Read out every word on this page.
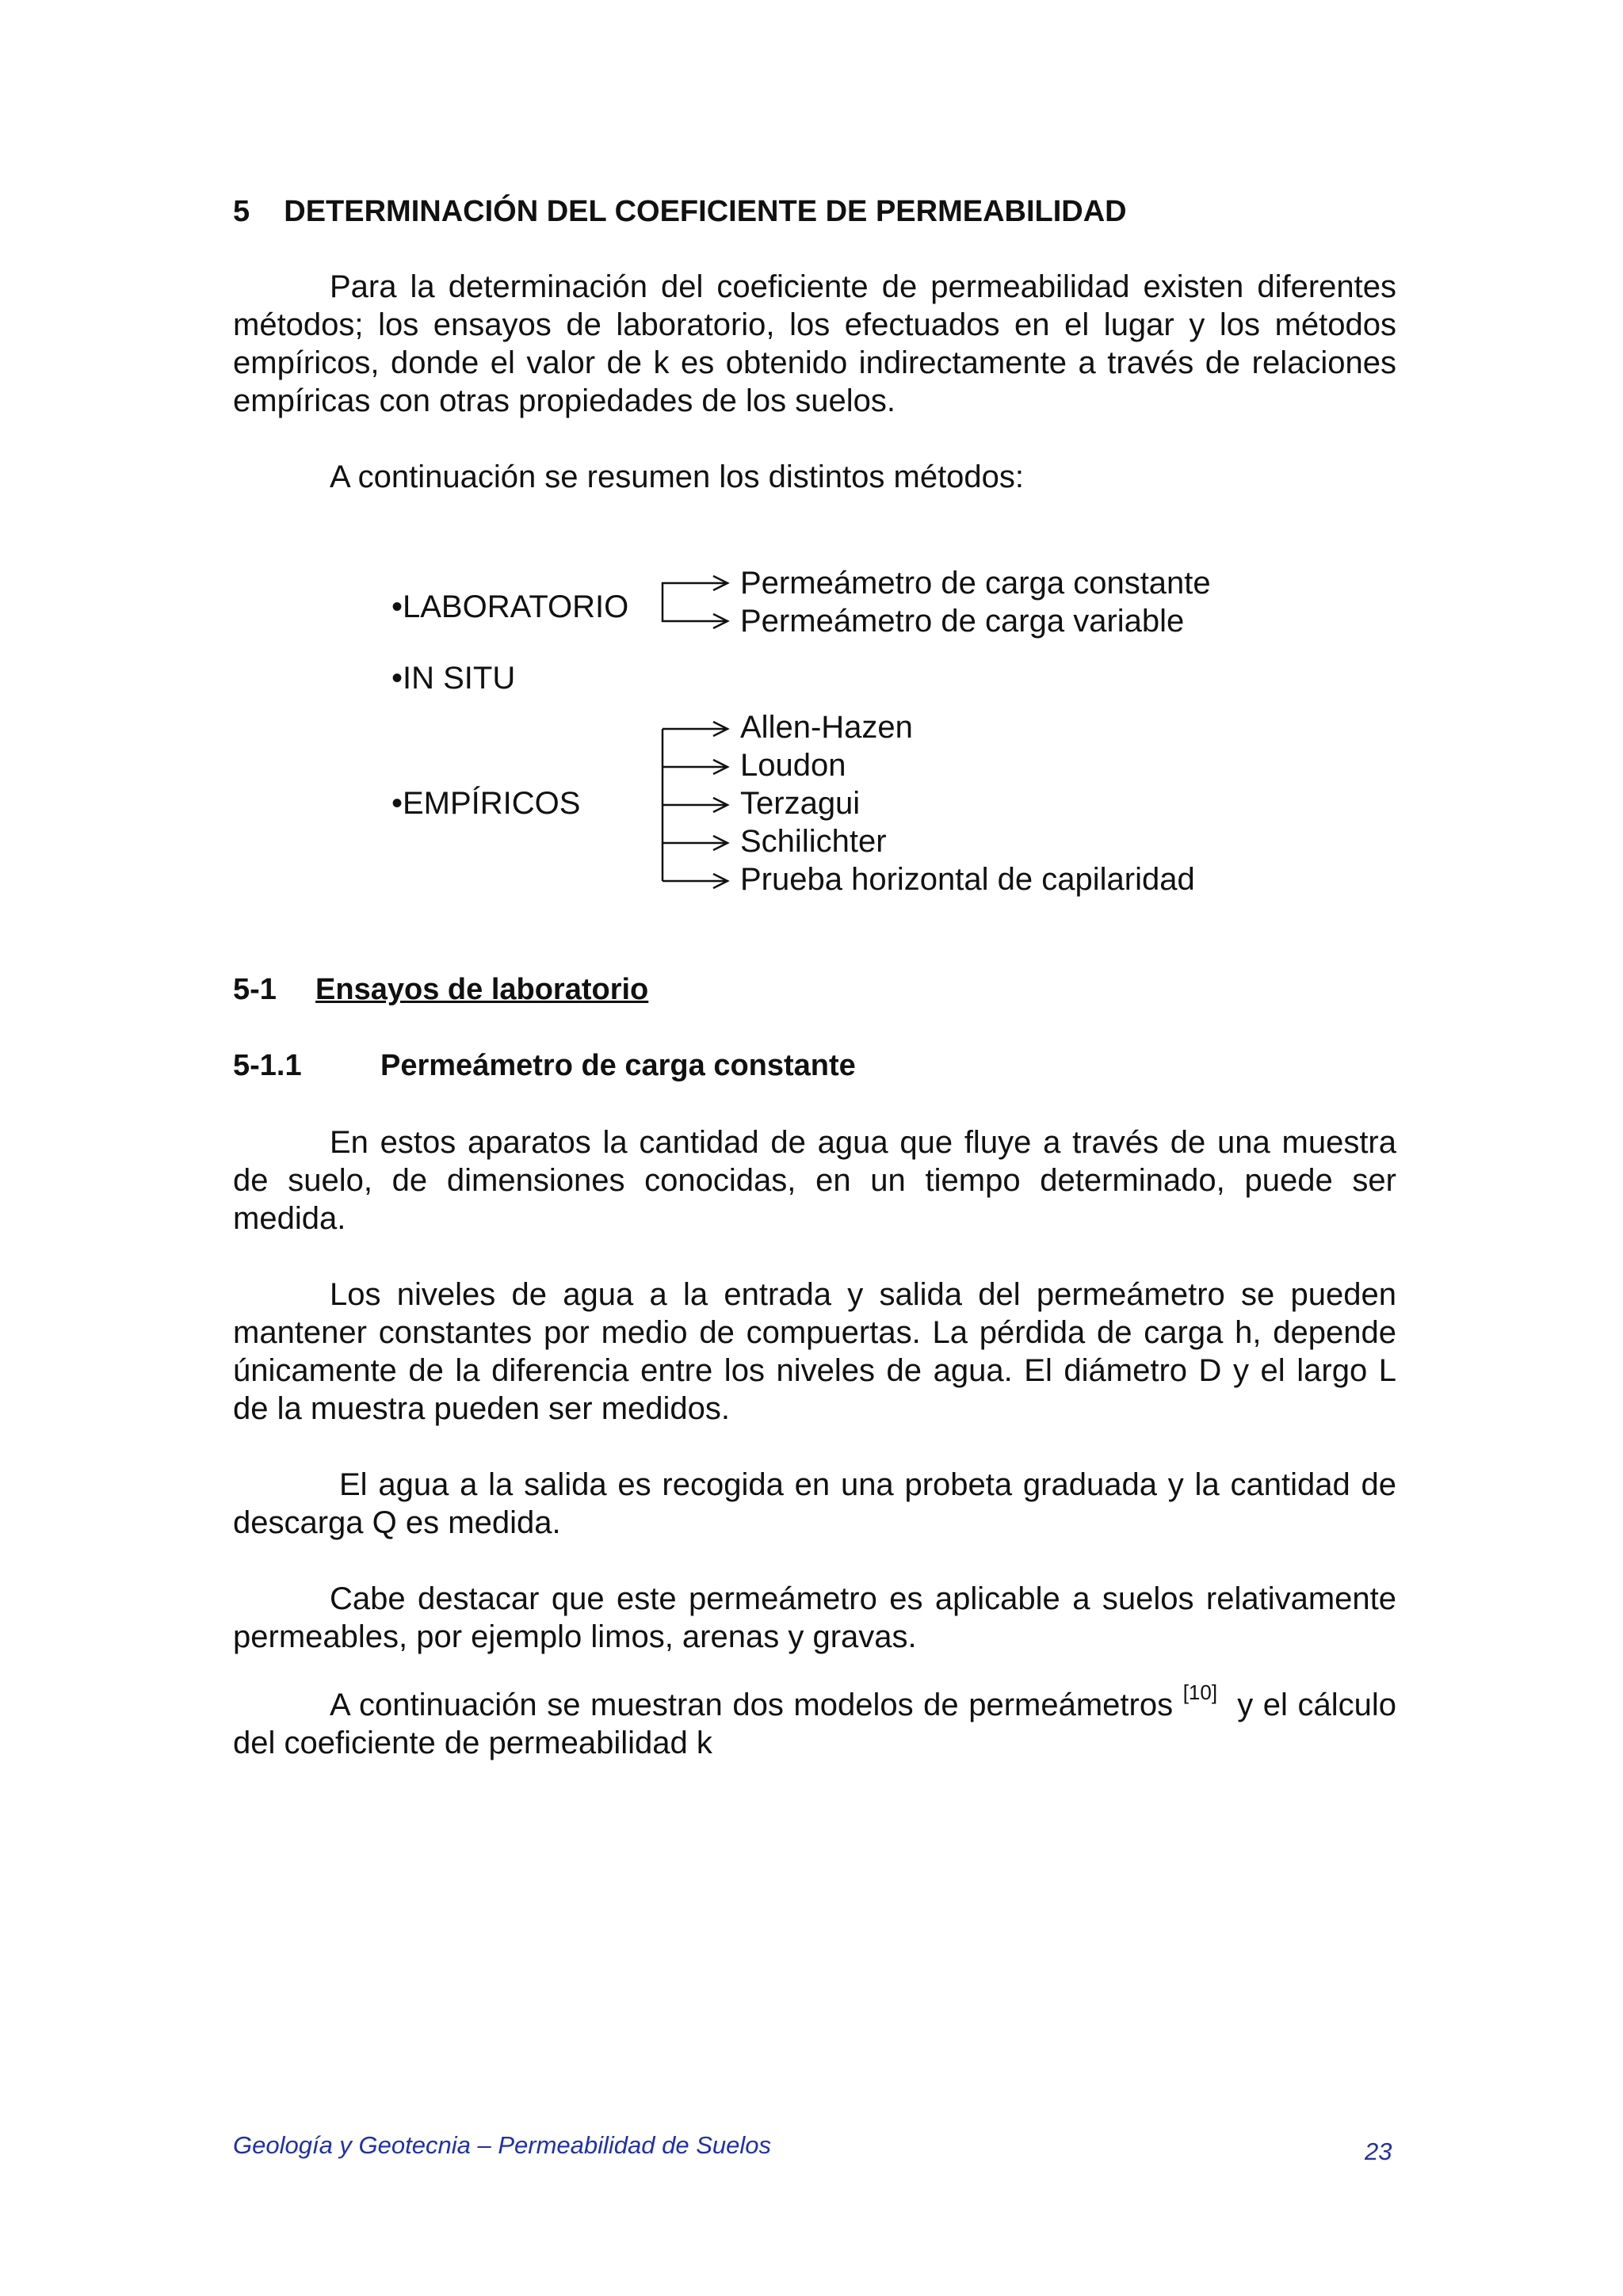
5 DETERMINACIÓN DEL COEFICIENTE DE PERMEABILIDAD

Para la determinación del coeficiente de permeabilidad existen diferentes métodos; los ensayos de laboratorio, los efectuados en el lugar y los métodos empíricos, donde el valor de k es obtenido indirectamente a través de relaciones empíricas con otras propiedades de los suelos.

A continuación se resumen los distintos métodos:

•LABORATORIO
Permeámetro de carga constante
Permeámetro de carga variable
•IN SITU
•EMPÍRICOS
Allen-Hazen
Loudon
Terzagui
Schilichter
Prueba horizontal de capilaridad
5-1 Ensayos de laboratorio
5-1.1	Permeámetro de carga constante

En estos aparatos la cantidad de agua que fluye a través de una muestra de suelo, de dimensiones conocidas, en un tiempo determinado, puede ser medida.

Los niveles de agua a la entrada y salida del permeámetro se pueden mantener constantes por medio de compuertas. La pérdida de carga h, depende únicamente de la diferencia entre los niveles de agua. El diámetro D y el largo L de la muestra pueden ser medidos.

El agua a la salida es recogida en una probeta graduada y la cantidad de descarga Q es medida.

Cabe destacar que este permeámetro es aplicable a suelos relativamente permeables, por ejemplo limos, arenas y gravas.

A continuación se muestran dos modelos de permeámetros [10] y el cálculo del coeficiente de permeabilidad k

Geología y Geotecnia – Permeabilidad de Suelos	23
